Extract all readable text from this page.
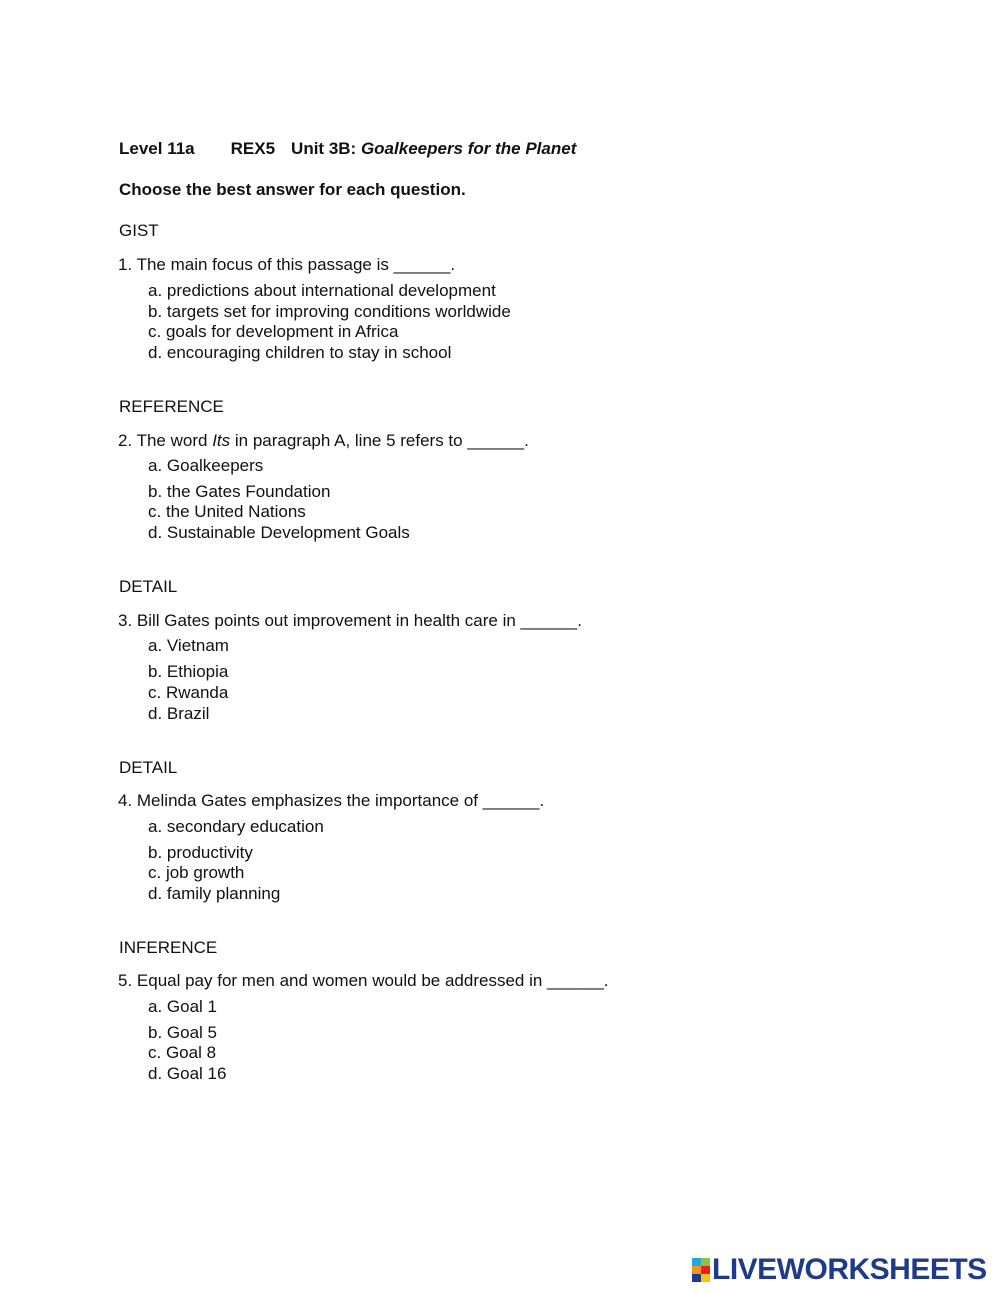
Level 11a REX5 Unit 3B: Goalkeepers for the Planet
Choose the best answer for each question.
GIST
1. The main focus of this passage is ______.
a. predictions about international development
b. targets set for improving conditions worldwide
c. goals for development in Africa
d. encouraging children to stay in school
REFERENCE
2. The word Its in paragraph A, line 5 refers to ______.
a. Goalkeepers
b. the Gates Foundation
c. the United Nations
d. Sustainable Development Goals
DETAIL
3. Bill Gates points out improvement in health care in ______.
a. Vietnam
b. Ethiopia
c. Rwanda
d. Brazil
DETAIL
4. Melinda Gates emphasizes the importance of ______.
a. secondary education
b. productivity
c. job growth
d. family planning
INFERENCE
5. Equal pay for men and women would be addressed in ______.
a. Goal 1
b. Goal 5
c. Goal 8
d. Goal 16
LIVEWORKSHEETS
